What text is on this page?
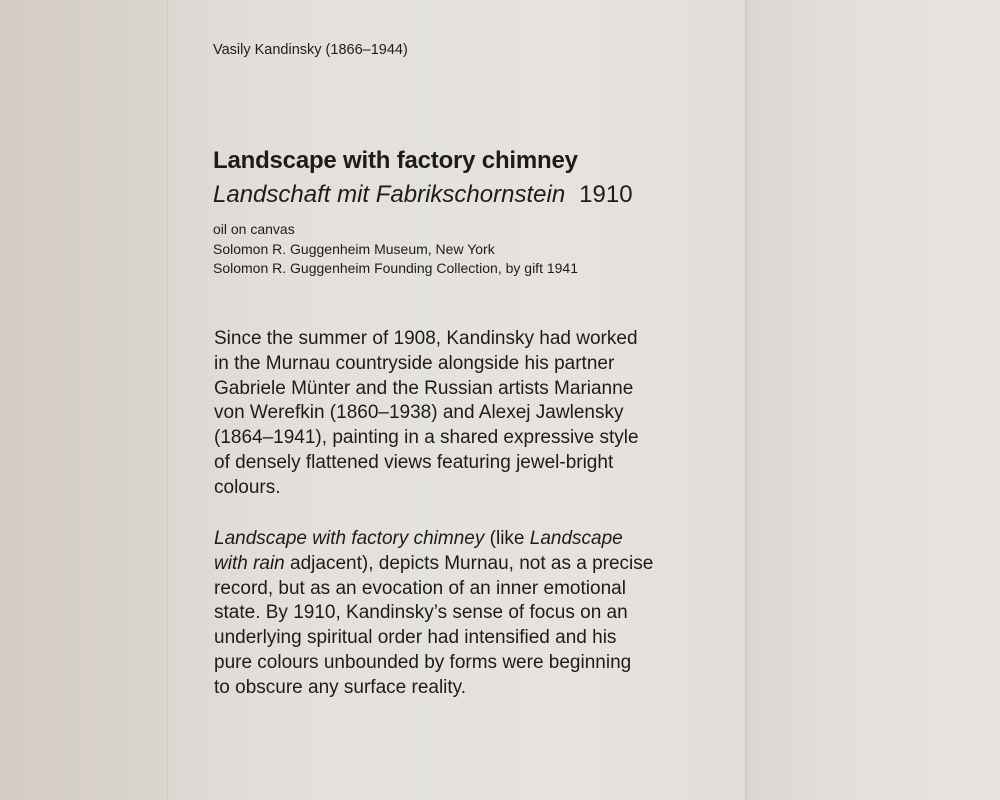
Vasily Kandinsky (1866–1944)
Landscape with factory chimney
Landschaft mit Fabrikschornstein 1910
oil on canvas
Solomon R. Guggenheim Museum, New York
Solomon R. Guggenheim Founding Collection, by gift 1941
Since the summer of 1908, Kandinsky had worked
in the Murnau countryside alongside his partner
Gabriele Münter and the Russian artists Marianne
von Werefkin (1860–1938) and Alexej Jawlensky
(1864–1941), painting in a shared expressive style
of densely flattened views featuring jewel-bright
colours.
Landscape with factory chimney (like Landscape
with rain adjacent), depicts Murnau, not as a precise
record, but as an evocation of an inner emotional
state. By 1910, Kandinsky’s sense of focus on an
underlying spiritual order had intensified and his
pure colours unbounded by forms were beginning
to obscure any surface reality.
